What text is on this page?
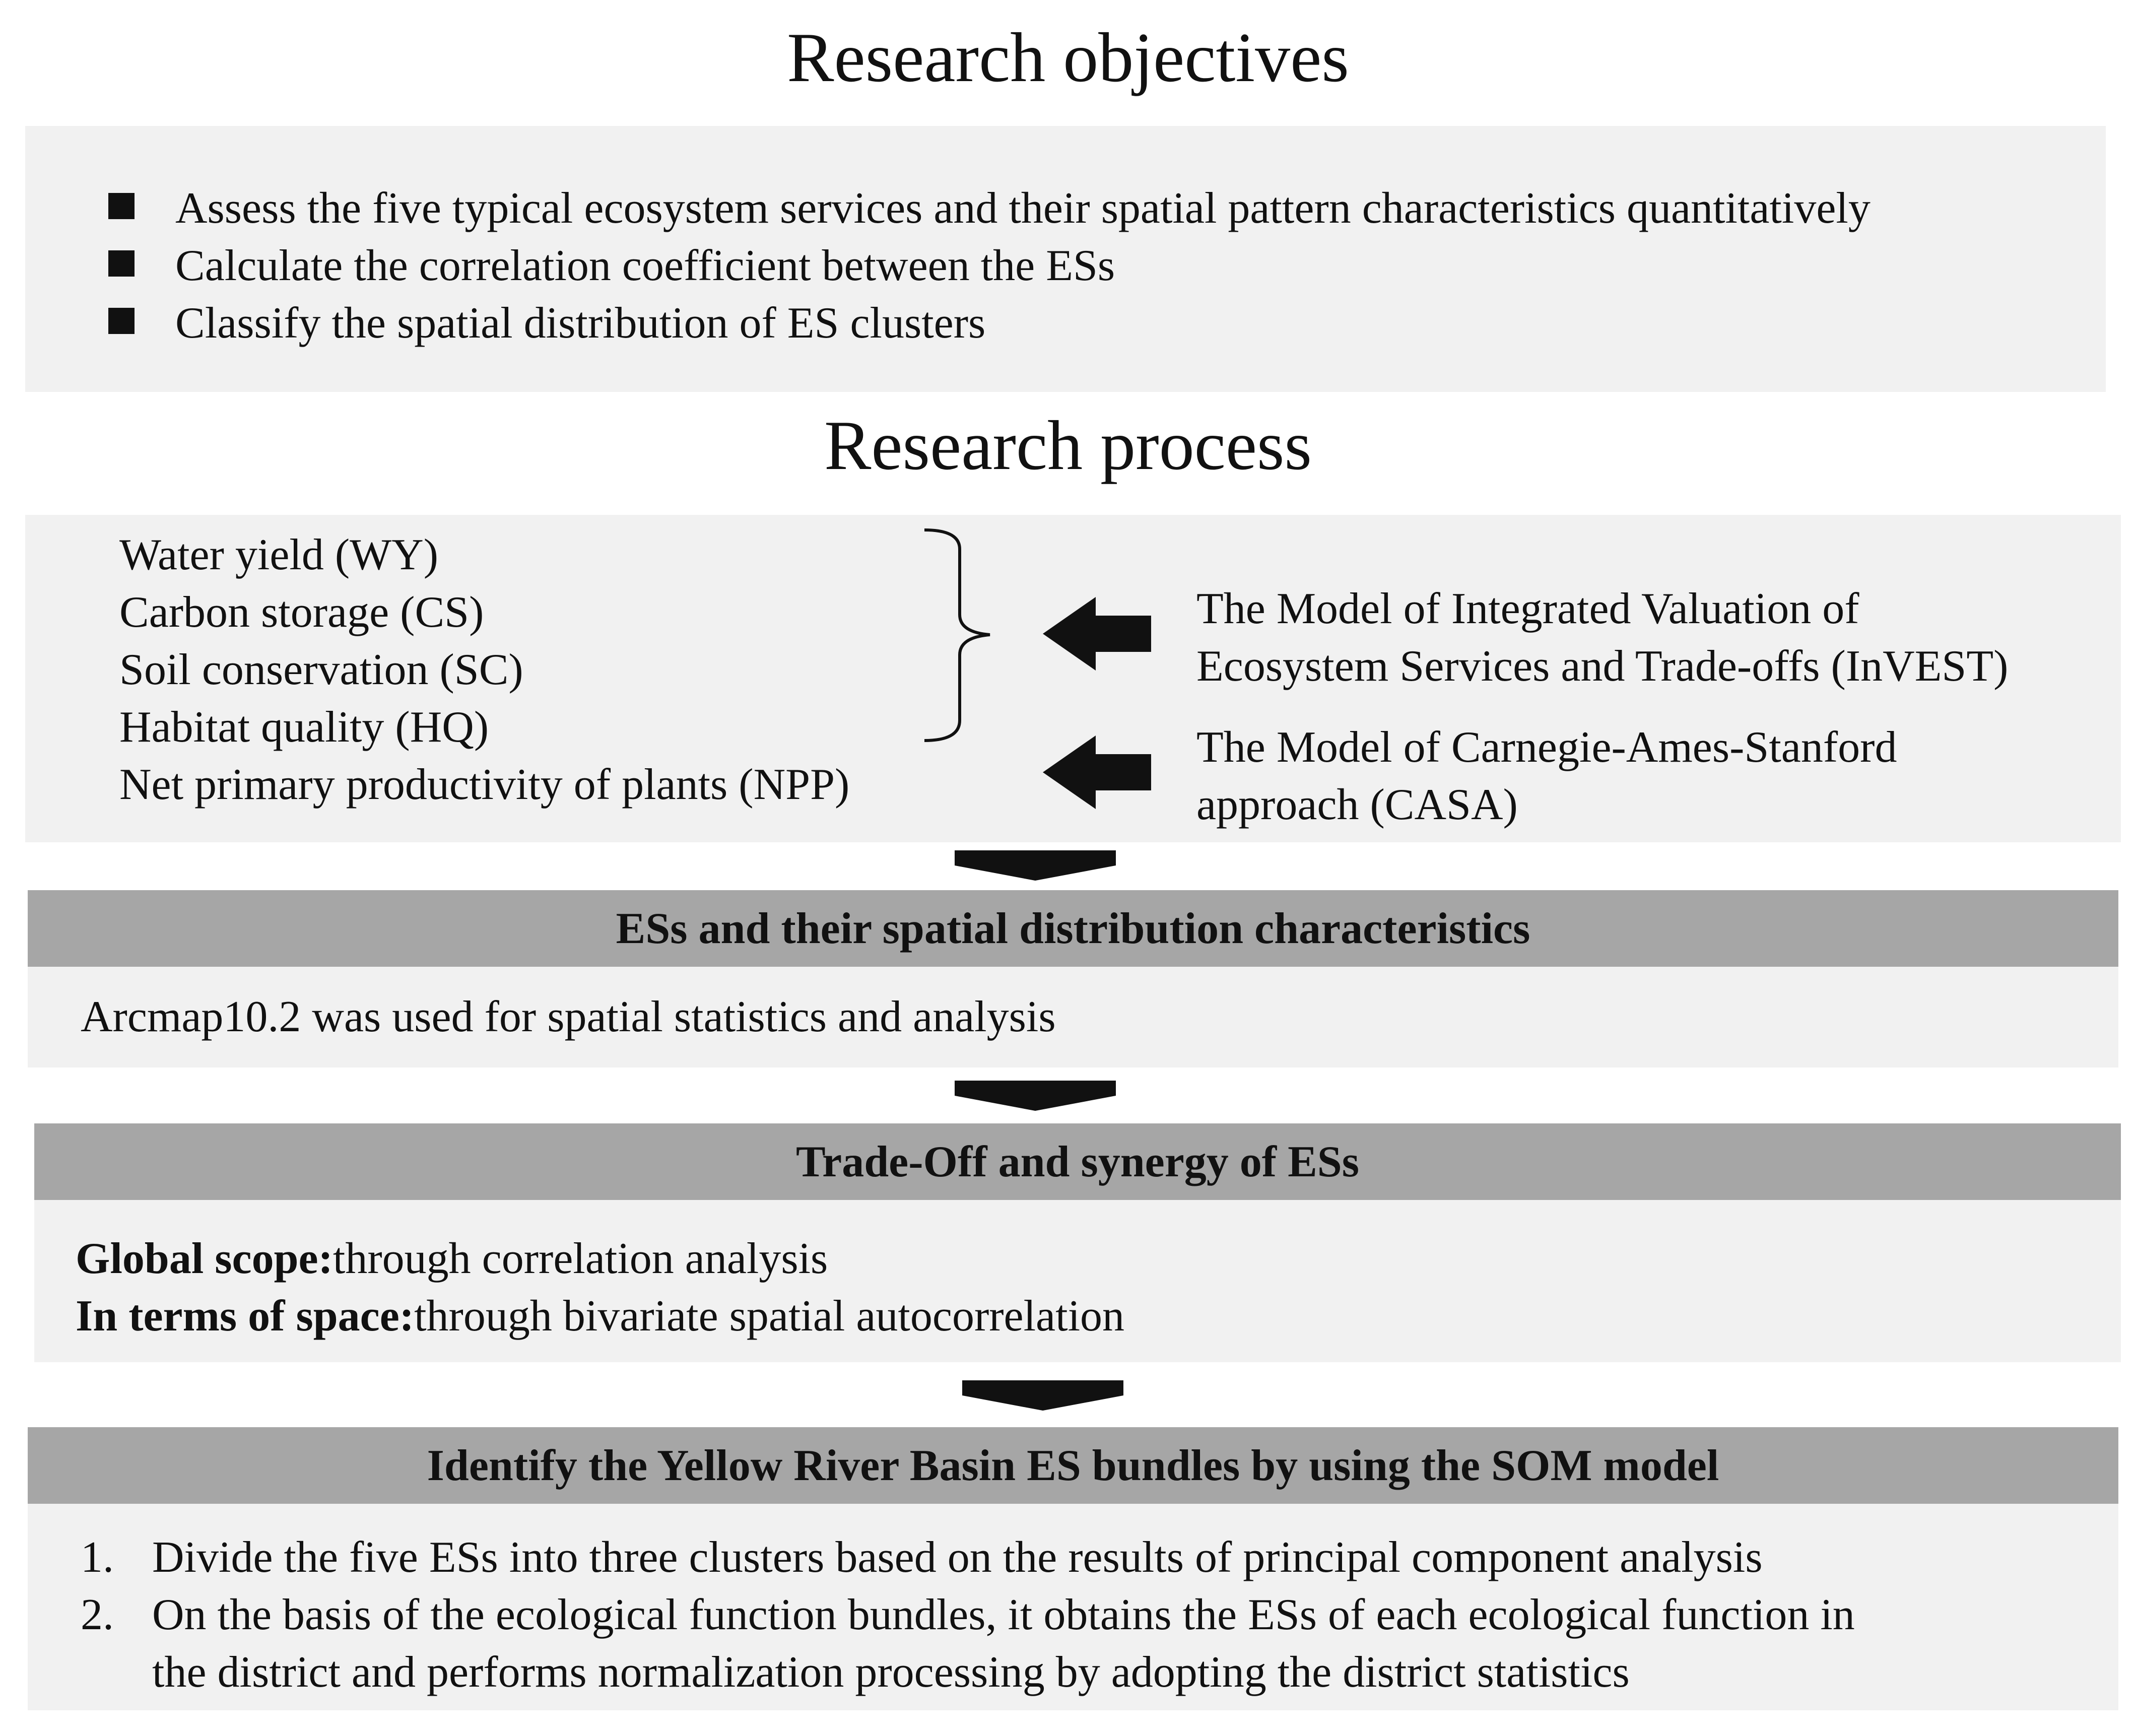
Research objectives
Assess the five typical ecosystem services and their spatial pattern characteristics quantitatively
Calculate the correlation coefficient between the ESs
Classify the spatial distribution of ES clusters
Research process
Water yield (WY)
Carbon storage (CS)
Soil conservation (SC)
Habitat quality (HQ)
Net primary productivity of plants (NPP)
The Model of Integrated Valuation of
Ecosystem Services and Trade-offs (InVEST)
The Model of Carnegie-Ames-Stanford
approach (CASA)
ESs and their spatial distribution characteristics
Arcmap10.2 was used for spatial statistics and analysis
Trade-Off and synergy of ESs
Global scope:through correlation analysis
In terms of space:through bivariate spatial autocorrelation
Identify the Yellow River Basin ES bundles by using the SOM model
1. Divide the five ESs into three clusters based on the results of principal component analysis
2. On the basis of the ecological function bundles, it obtains the ESs of each ecological function in
the district and performs normalization processing by adopting the district statistics
